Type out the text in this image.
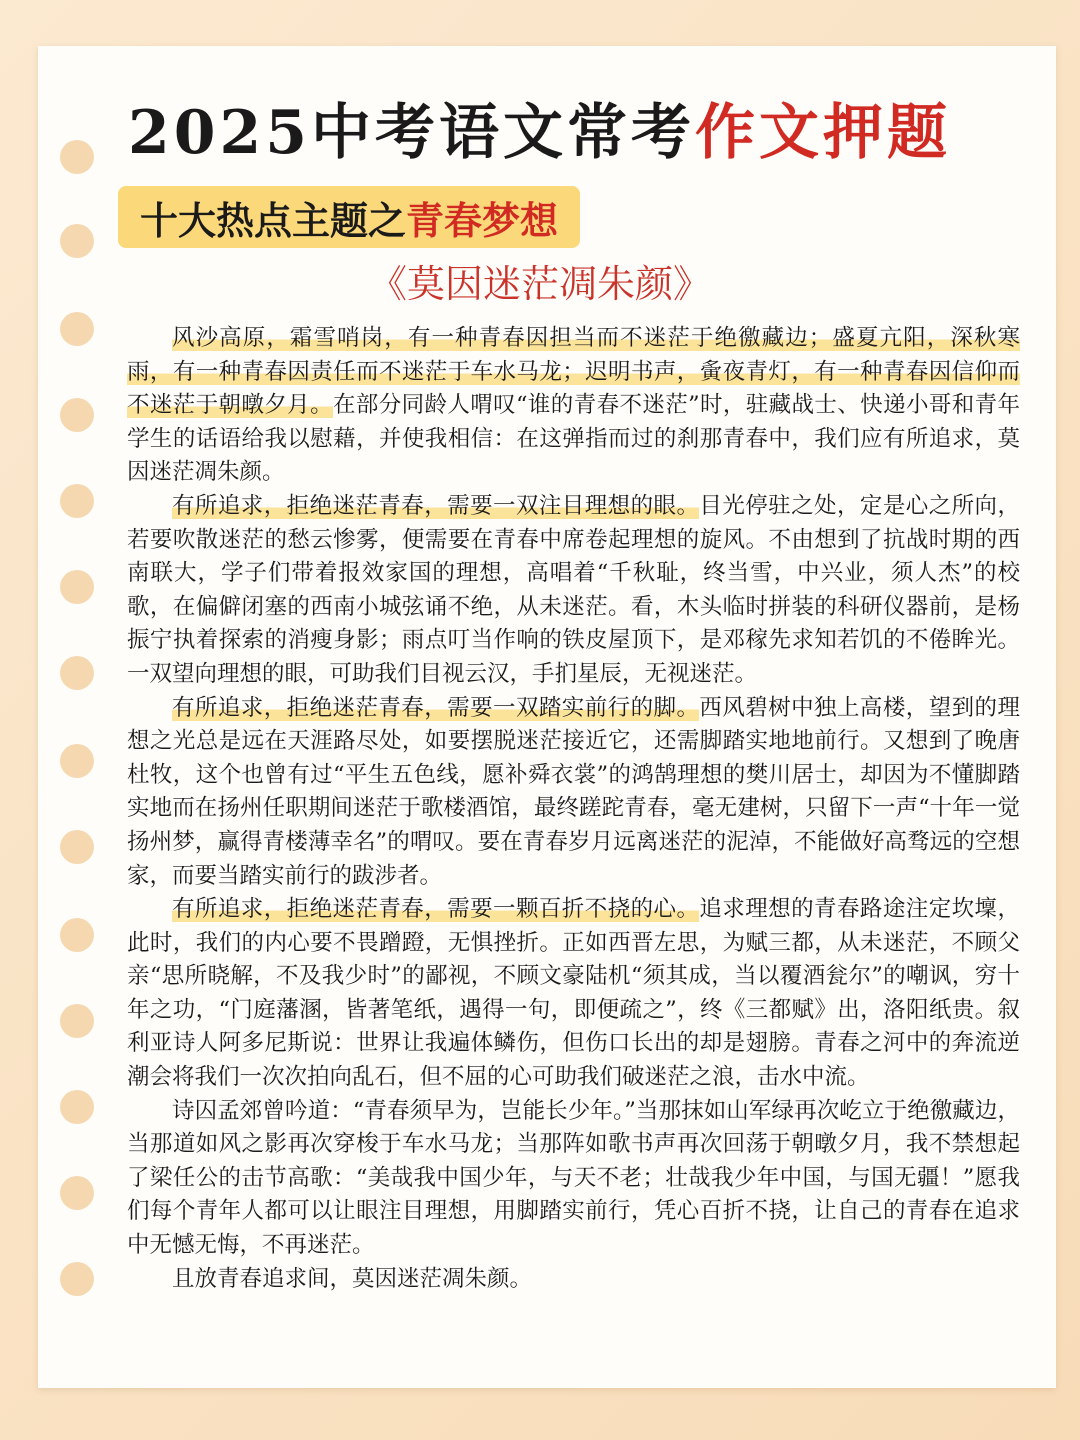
2025中考语文常考 作文押题
十大热点主题之 青春梦想
《莫因迷茫凋朱颜》

风沙高原，霜雪哨岗，有一种青春因担当而不迷茫于绝徼藏边；盛夏亢阳，深秋寒雨，有一种青春因责任而不迷茫于车水马龙；迟明书声，夤夜青灯，有一种青春因信仰而不迷茫于朝暾夕月。在部分同龄人喟叹“谁的青春不迷茫”时，驻藏战士、快递小哥和青年学生的话语给我以慰藉，并使我相信：在这弹指而过的刹那青春中，我们应有所追求，莫因迷茫凋朱颜。

有所追求，拒绝迷茫青春，需要一双注目理想的眼。目光停驻之处，定是心之所向，若要吹散迷茫的愁云惨雾，便需要在青春中席卷起理想的旋风。不由想到了抗战时期的西南联大，学子们带着报效家国的理想，高唱着“千秋耻，终当雪，中兴业，须人杰”的校歌，在偏僻闭塞的西南小城弦诵不绝，从未迷茫。看，木头临时拼装的科研仪器前，是杨振宁执着探索的消瘦身影；雨点叮当作响的铁皮屋顶下，是邓稼先求知若饥的不倦眸光。一双望向理想的眼，可助我们目视云汉，手扪星辰，无视迷茫。

有所追求，拒绝迷茫青春，需要一双踏实前行的脚。西风碧树中独上高楼，望到的理想之光总是远在天涯路尽处，如要摆脱迷茫接近它，还需脚踏实地地前行。又想到了晚唐杜牧，这个也曾有过“平生五色线，愿补舜衣裳”的鸿鹄理想的樊川居士，却因为不懂脚踏实地而在扬州任职期间迷茫于歌楼酒馆，最终蹉跎青春，毫无建树，只留下一声“十年一觉扬州梦，赢得青楼薄幸名”的喟叹。要在青春岁月远离迷茫的泥淖，不能做好高骛远的空想家，而要当踏实前行的跋涉者。

有所追求，拒绝迷茫青春，需要一颗百折不挠的心。追求理想的青春路途注定坎壈，此时，我们的内心要不畏蹭蹬，无惧挫折。正如西晋左思，为赋三都，从未迷茫，不顾父亲“思所晓解，不及我少时”的鄙视，不顾文豪陆机“须其成，当以覆酒瓮尔”的嘲讽，穷十年之功，“门庭藩溷，皆著笔纸，遇得一句，即便疏之”，终《三都赋》出，洛阳纸贵。叙利亚诗人阿多尼斯说：世界让我遍体鳞伤，但伤口长出的却是翅膀。青春之河中的奔流逆潮会将我们一次次拍向乱石，但不屈的心可助我们破迷茫之浪，击水中流。

诗囚孟郊曾吟道：“青春须早为，岂能长少年。”当那抹如山军绿再次屹立于绝徼藏边，当那道如风之影再次穿梭于车水马龙；当那阵如歌书声再次回荡于朝暾夕月，我不禁想起了梁任公的击节高歌：“美哉我中国少年，与天不老；壮哉我少年中国，与国无疆！”愿我们每个青年人都可以让眼注目理想，用脚踏实前行，凭心百折不挠，让自己的青春在追求中无憾无悔，不再迷茫。

且放青春追求间，莫因迷茫凋朱颜。
